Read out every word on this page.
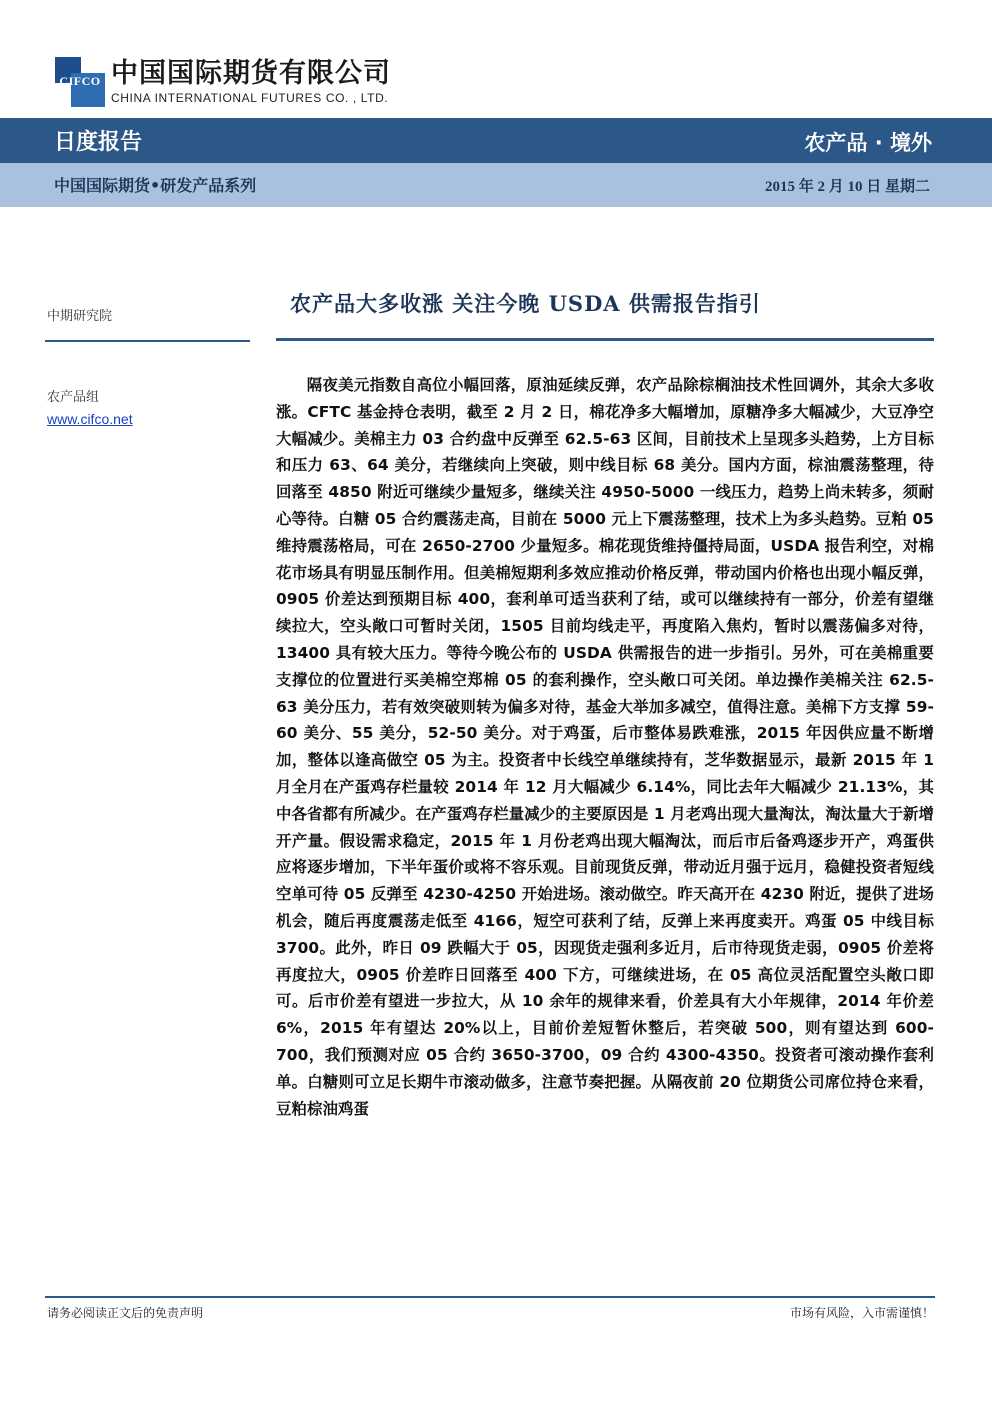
CIFCO 中国国际期货有限公司
CHINA INTERNATIONAL FUTURES CO. , LTD.
日度报告	农产品 · 境外
中国国际期货•研发产品系列	2015 年 2 月 10 日 星期二
中期研究院
农产品组
www.cifco.net
农产品大多收涨 关注今晚 USDA 供需报告指引
隔夜美元指数自高位小幅回落，原油延续反弹，农产品除棕榈油技术性回调外，其余大多收涨。CFTC 基金持仓表明，截至 2 月 2 日，棉花净多大幅增加，原糖净多大幅减少，大豆净空大幅减少。美棉主力 03 合约盘中反弹至 62.5-63 区间，目前技术上呈现多头趋势，上方目标和压力 63、64 美分，若继续向上突破，则中线目标 68 美分。国内方面，棕油震荡整理，待回落至 4850 附近可继续少量短多，继续关注 4950-5000 一线压力，趋势上尚未转多，须耐心等待。白糖 05 合约震荡走高，目前在 5000 元上下震荡整理，技术上为多头趋势。豆粕 05 维持震荡格局，可在 2650-2700 少量短多。棉花现货维持僵持局面，USDA 报告利空，对棉花市场具有明显压制作用。但美棉短期利多效应推动价格反弹，带动国内价格也出现小幅反弹，0905 价差达到预期目标 400，套利单可适当获利了结，或可以继续持有一部分，价差有望继续拉大，空头敞口可暂时关闭，1505 目前均线走平，再度陷入焦灼，暂时以震荡偏多对待，13400 具有较大压力。等待今晚公布的 USDA 供需报告的进一步指引。另外，可在美棉重要支撑位的位置进行买美棉空郑棉 05 的套利操作，空头敞口可关闭。单边操作美棉关注 62.5-63 美分压力，若有效突破则转为偏多对待，基金大举加多减空，值得注意。美棉下方支撑 59-60 美分、55 美分，52-50 美分。对于鸡蛋，后市整体易跌难涨，2015 年因供应量不断增加，整体以逢高做空 05 为主。投资者中长线空单继续持有，芝华数据显示，最新 2015 年 1 月全月在产蛋鸡存栏量较 2014 年 12 月大幅减少 6.14%，同比去年大幅减少 21.13%，其中各省都有所减少。在产蛋鸡存栏量减少的主要原因是 1 月老鸡出现大量淘汰，淘汰量大于新增开产量。假设需求稳定，2015 年 1 月份老鸡出现大幅淘汰，而后市后备鸡逐步开产，鸡蛋供应将逐步增加，下半年蛋价或将不容乐观。目前现货反弹，带动近月强于远月，稳健投资者短线空单可待 05 反弹至 4230-4250 开始进场。滚动做空。昨天高开在 4230 附近，提供了进场机会，随后再度震荡走低至 4166，短空可获利了结，反弹上来再度卖开。鸡蛋 05 中线目标 3700。此外，昨日 09 跌幅大于 05，因现货走强利多近月，后市待现货走弱，0905 价差将再度拉大，0905 价差昨日回落至 400 下方，可继续进场，在 05 高位灵活配置空头敞口即可。后市价差有望进一步拉大，从 10 余年的规律来看，价差具有大小年规律，2014 年价差 6%，2015 年有望达 20%以上，目前价差短暂休整后，若突破 500，则有望达到 600-700，我们预测对应 05 合约 3650-3700，09 合约 4300-4350。投资者可滚动操作套利单。白糖则可立足长期牛市滚动做多，注意节奏把握。从隔夜前 20 位期货公司席位持仓来看，豆粕棕油鸡蛋
请务必阅读正文后的免责声明	市场有风险，入市需谨慎！
